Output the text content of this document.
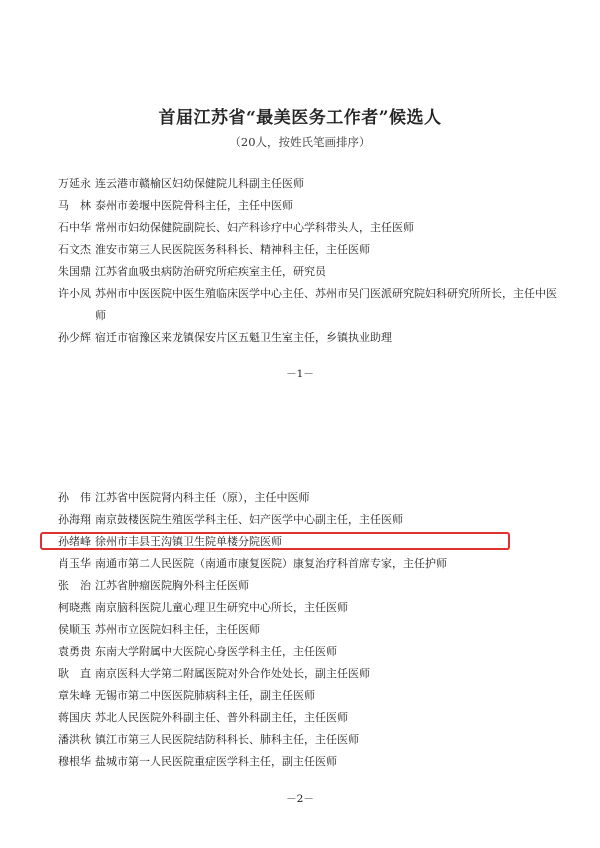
首届江苏省“最美医务工作者”候选人
（20人，按姓氏笔画排序）
万延永 连云港市赣榆区妇幼保健院儿科副主任医师
马　林 泰州市姜堰中医院骨科主任，主任中医师
石中华 常州市妇幼保健院副院长、妇产科诊疗中心学科带头人，主任医师
石文杰 淮安市第三人民医院医务科科长、精神科主任，主任医师
朱国鼎 江苏省血吸虫病防治研究所疟疾室主任，研究员
许小凤 苏州市中医医院中医生殖临床医学中心主任、苏州市吴门医派研究院妇科研究所所长，主任中医师
孙少辉 宿迁市宿豫区来龙镇保安片区五魁卫生室主任，乡镇执业助理
－1－
孙　伟 江苏省中医院肾内科主任（原），主任中医师
孙海翔 南京鼓楼医院生殖医学科主任、妇产医学中心副主任，主任医师
孙绪峰 徐州市丰县王沟镇卫生院单楼分院医师
肖玉华 南通市第二人民医院（南通市康复医院）康复治疗科首席专家，主任护师
张　治 江苏省肿瘤医院胸外科主任医师
柯晓燕 南京脑科医院儿童心理卫生研究中心所长，主任医师
侯顺玉 苏州市立医院妇科主任，主任医师
袁勇贵 东南大学附属中大医院心身医学科主任，主任医师
耿　直 南京医科大学第二附属医院对外合作处处长，副主任医师
章朱峰 无锡市第二中医医院肺病科主任，副主任医师
蒋国庆 苏北人民医院外科副主任、普外科副主任，主任医师
潘洪秋 镇江市第三人民医院结防科科长、肺科主任，主任医师
穆根华 盐城市第一人民医院重症医学科主任，副主任医师
－2－
